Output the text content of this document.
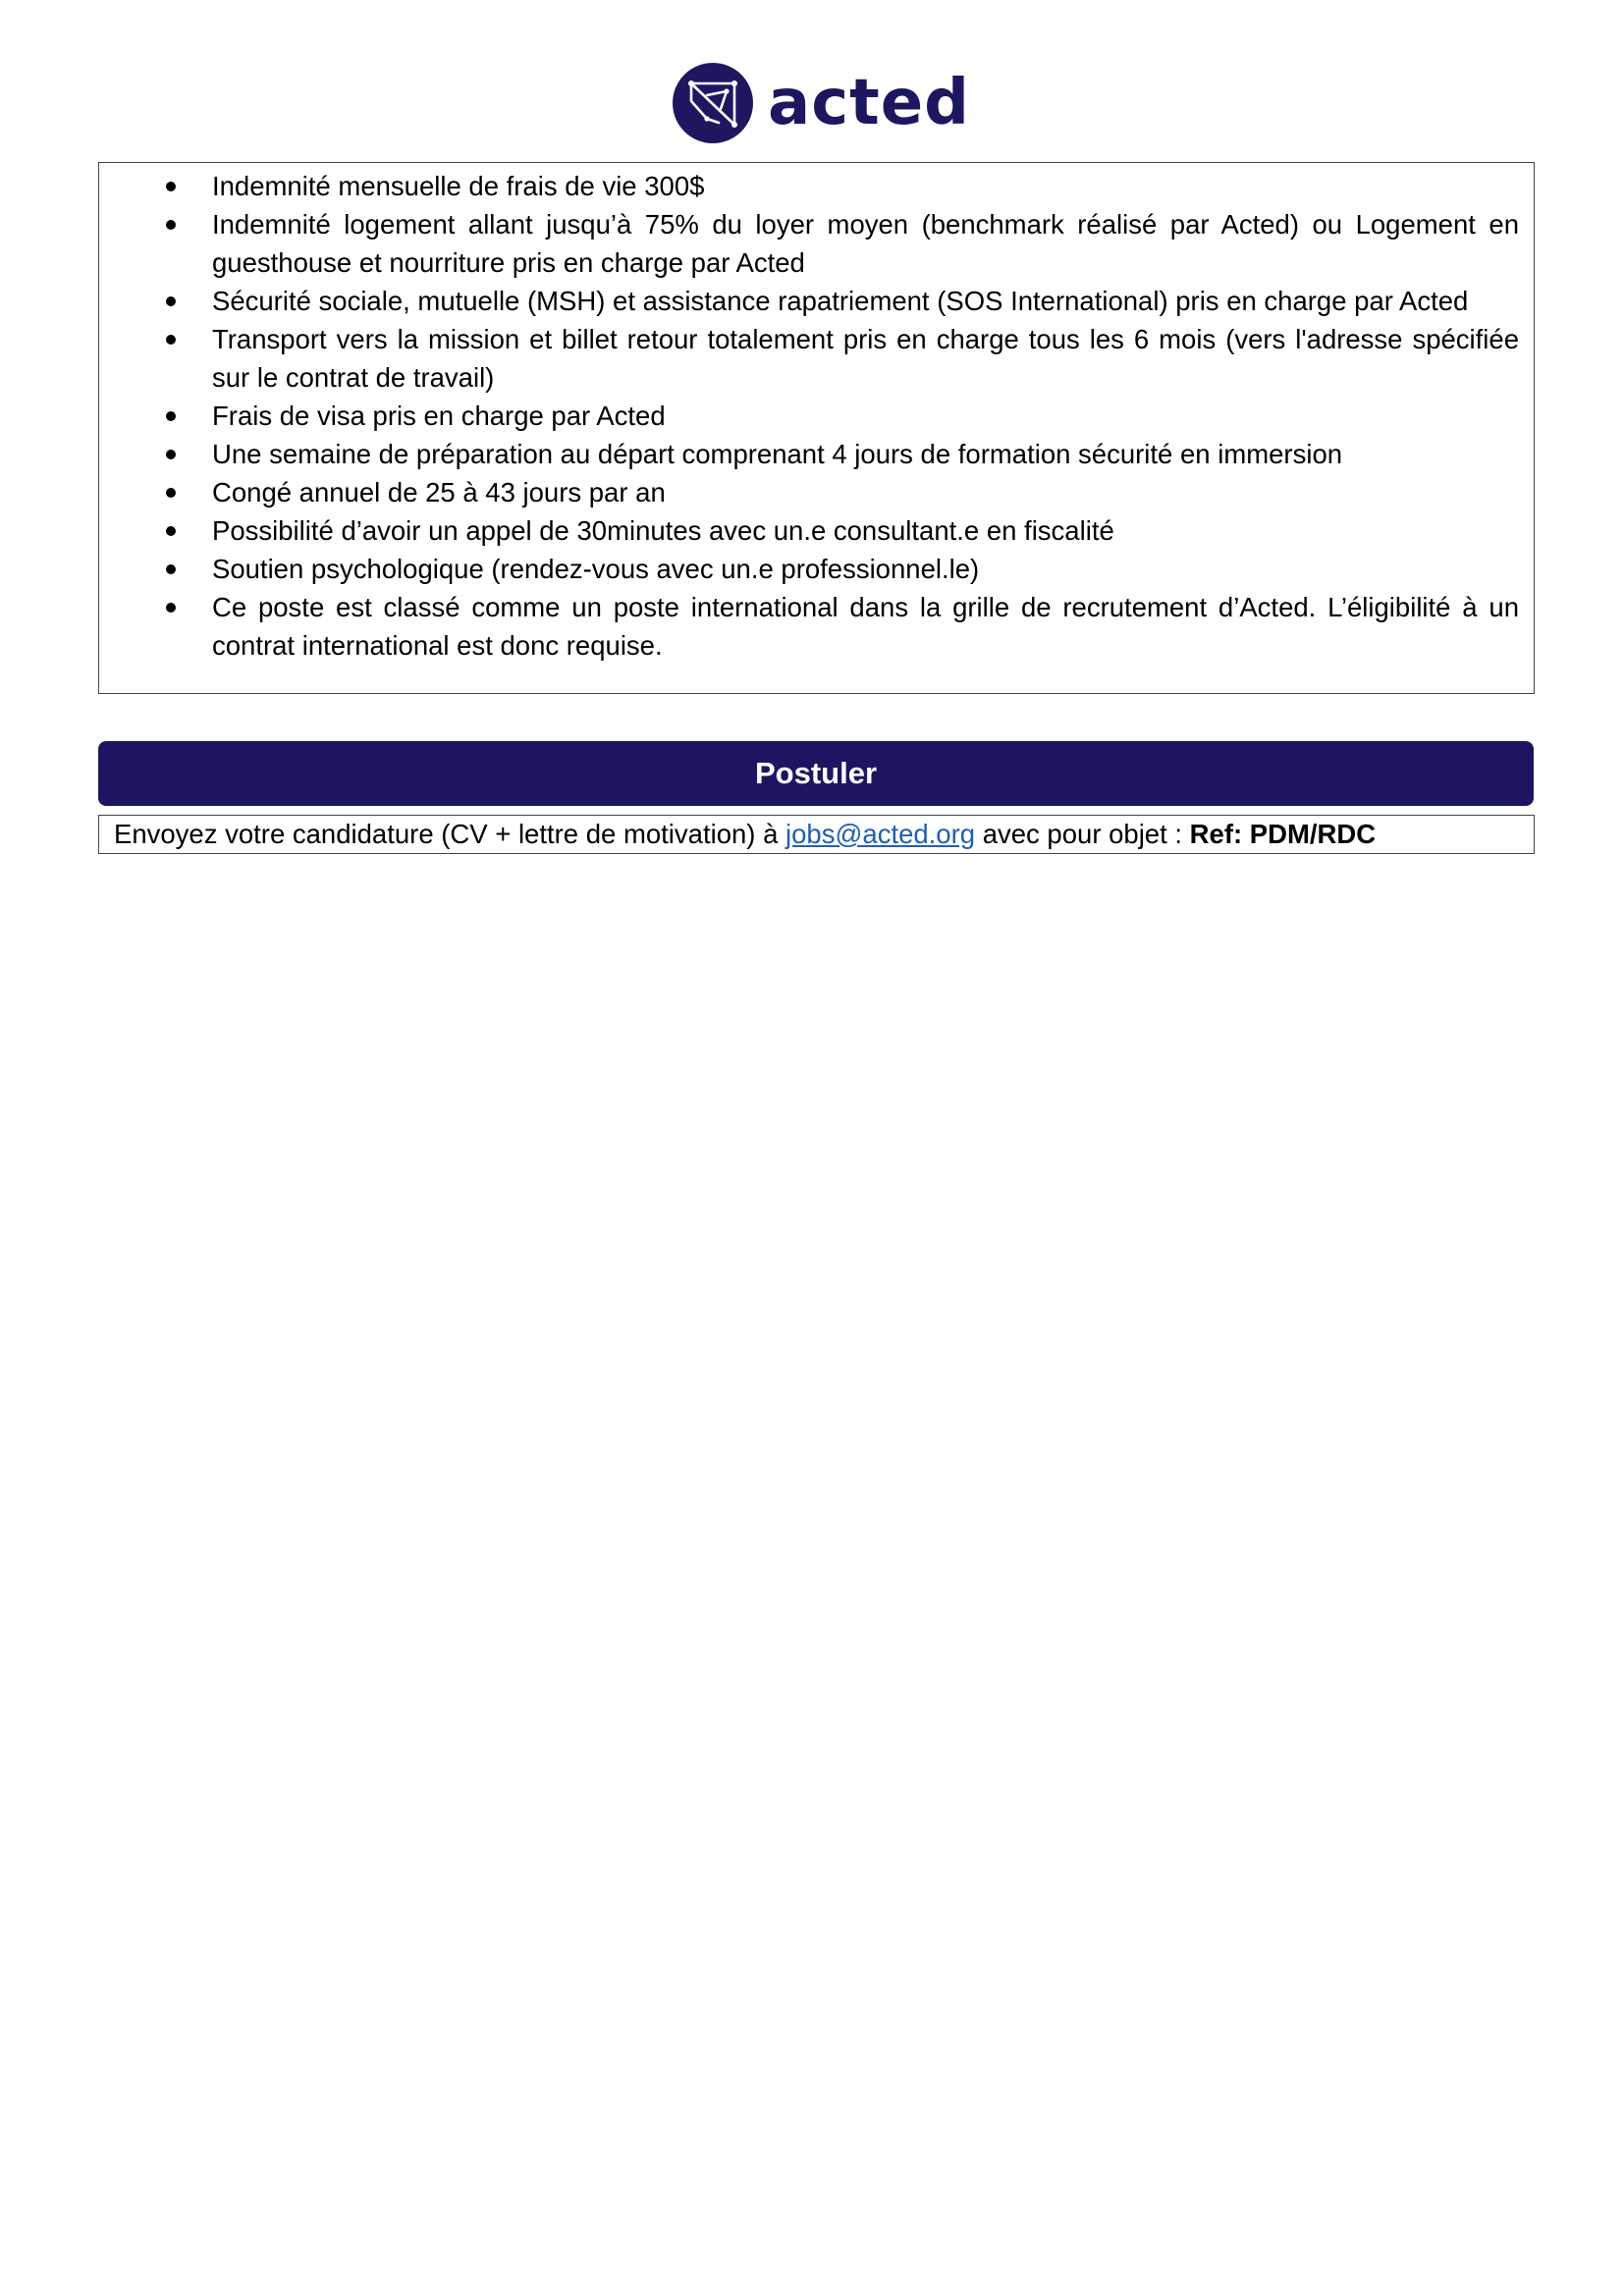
acted
Indemnité mensuelle de frais de vie 300$
Indemnité logement allant jusqu’à 75% du loyer moyen (benchmark réalisé par Acted) ou Logement en guesthouse et nourriture pris en charge par Acted
Sécurité sociale, mutuelle (MSH) et assistance rapatriement (SOS International) pris en charge par Acted
Transport vers la mission et billet retour totalement pris en charge tous les 6 mois (vers l'adresse spécifiée sur le contrat de travail)
Frais de visa pris en charge par Acted
Une semaine de préparation au départ comprenant 4 jours de formation sécurité en immersion
Congé annuel de 25 à 43 jours par an
Possibilité d’avoir un appel de 30minutes avec un.e consultant.e en fiscalité
Soutien psychologique (rendez-vous avec un.e professionnel.le)
Ce poste est classé comme un poste international dans la grille de recrutement d’Acted. L’éligibilité à un contrat international est donc requise.
Postuler
Envoyez votre candidature (CV + lettre de motivation) à jobs@acted.org avec pour objet : Ref: PDM/RDC
